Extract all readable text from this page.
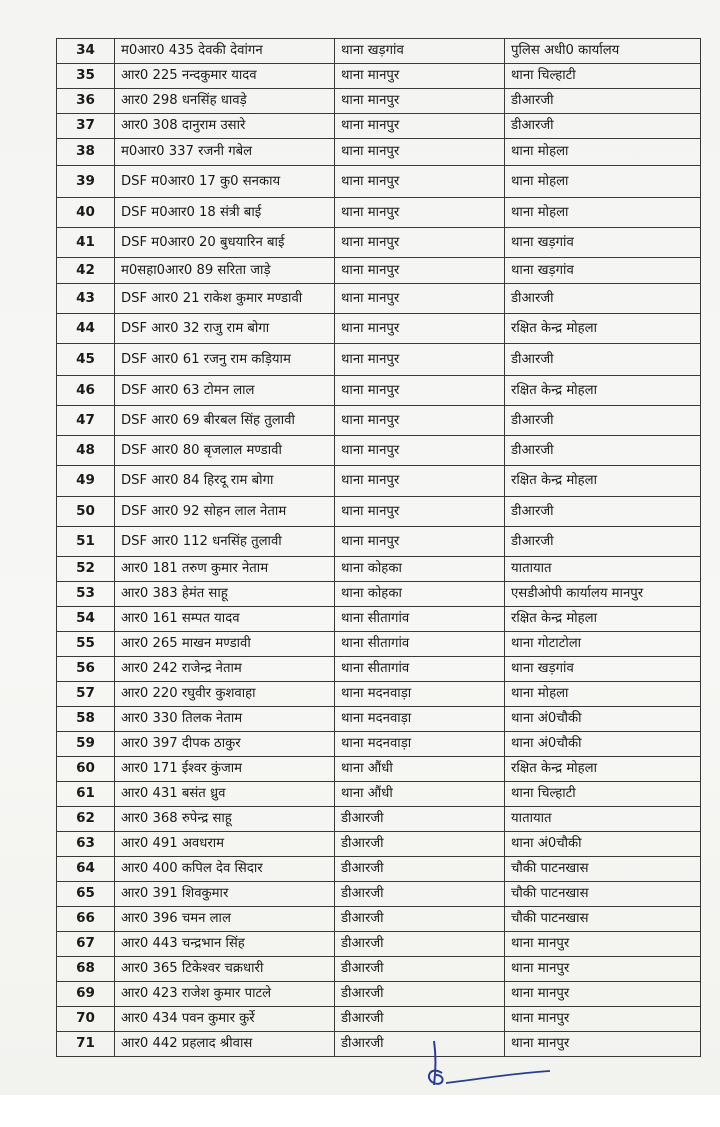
34	म0आर0 435 देवकी देवांगन	थाना खड़गांव	पुलिस अधी0 कार्यालय
35	आर0 225 नन्दकुमार यादव	थाना मानपुर	थाना चिल्हाटी
36	आर0 298 धनसिंह धावड़े	थाना मानपुर	डीआरजी
37	आर0 308 दानुराम उसारे	थाना मानपुर	डीआरजी
38	म0आर0 337 रजनी गबेल	थाना मानपुर	थाना मोहला
39	DSF म0आर0 17 कु0 सनकाय	थाना मानपुर	थाना मोहला
40	DSF म0आर0 18 संत्री बाई	थाना मानपुर	थाना मोहला
41	DSF म0आर0 20 बुधयारिन बाई	थाना मानपुर	थाना खड़गांव
42	म0सहा0आर0 89 सरिता जाड़े	थाना मानपुर	थाना खड़गांव
43	DSF आर0 21 राकेश कुमार मण्डावी	थाना मानपुर	डीआरजी
44	DSF आर0 32 राजु राम बोगा	थाना मानपुर	रक्षित केन्द्र मोहला
45	DSF आर0 61 रजनु राम कड़ियाम	थाना मानपुर	डीआरजी
46	DSF आर0 63 टोमन लाल	थाना मानपुर	रक्षित केन्द्र मोहला
47	DSF आर0 69 बीरबल सिंह तुलावी	थाना मानपुर	डीआरजी
48	DSF आर0 80 बृजलाल मण्डावी	थाना मानपुर	डीआरजी
49	DSF आर0 84 हिरदू राम बोगा	थाना मानपुर	रक्षित केन्द्र मोहला
50	DSF आर0 92 सोहन लाल नेताम	थाना मानपुर	डीआरजी
51	DSF आर0 112 धनसिंह तुलावी	थाना मानपुर	डीआरजी
52	आर0 181 तरुण कुमार नेताम	थाना कोहका	यातायात
53	आर0 383 हेमंत साहू	थाना कोहका	एसडीओपी कार्यालय मानपुर
54	आर0 161 सम्पत यादव	थाना सीतागांव	रक्षित केन्द्र मोहला
55	आर0 265 माखन मण्डावी	थाना सीतागांव	थाना गोटाटोला
56	आर0 242 राजेन्द्र नेताम	थाना सीतागांव	थाना खड़गांव
57	आर0 220 रघुवीर कुशवाहा	थाना मदनवाड़ा	थाना मोहला
58	आर0 330 तिलक नेताम	थाना मदनवाड़ा	थाना अं0चौकी
59	आर0 397 दीपक ठाकुर	थाना मदनवाड़ा	थाना अं0चौकी
60	आर0 171 ईश्वर कुंजाम	थाना औंधी	रक्षित केन्द्र मोहला
61	आर0 431 बसंत ध्रुव	थाना औंधी	थाना चिल्हाटी
62	आर0 368 रुपेन्द्र साहू	डीआरजी	यातायात
63	आर0 491 अवधराम	डीआरजी	थाना अं0चौकी
64	आर0 400 कपिल देव सिदार	डीआरजी	चौकी पाटनखास
65	आर0 391 शिवकुमार	डीआरजी	चौकी पाटनखास
66	आर0 396 चमन लाल	डीआरजी	चौकी पाटनखास
67	आर0 443 चन्द्रभान सिंह	डीआरजी	थाना मानपुर
68	आर0 365 टिकेश्वर चक्रधारी	डीआरजी	थाना मानपुर
69	आर0 423 राजेश कुमार पाटले	डीआरजी	थाना मानपुर
70	आर0 434 पवन कुमार कुर्रे	डीआरजी	थाना मानपुर
71	आर0 442 प्रहलाद श्रीवास	डीआरजी	थाना मानपुर
